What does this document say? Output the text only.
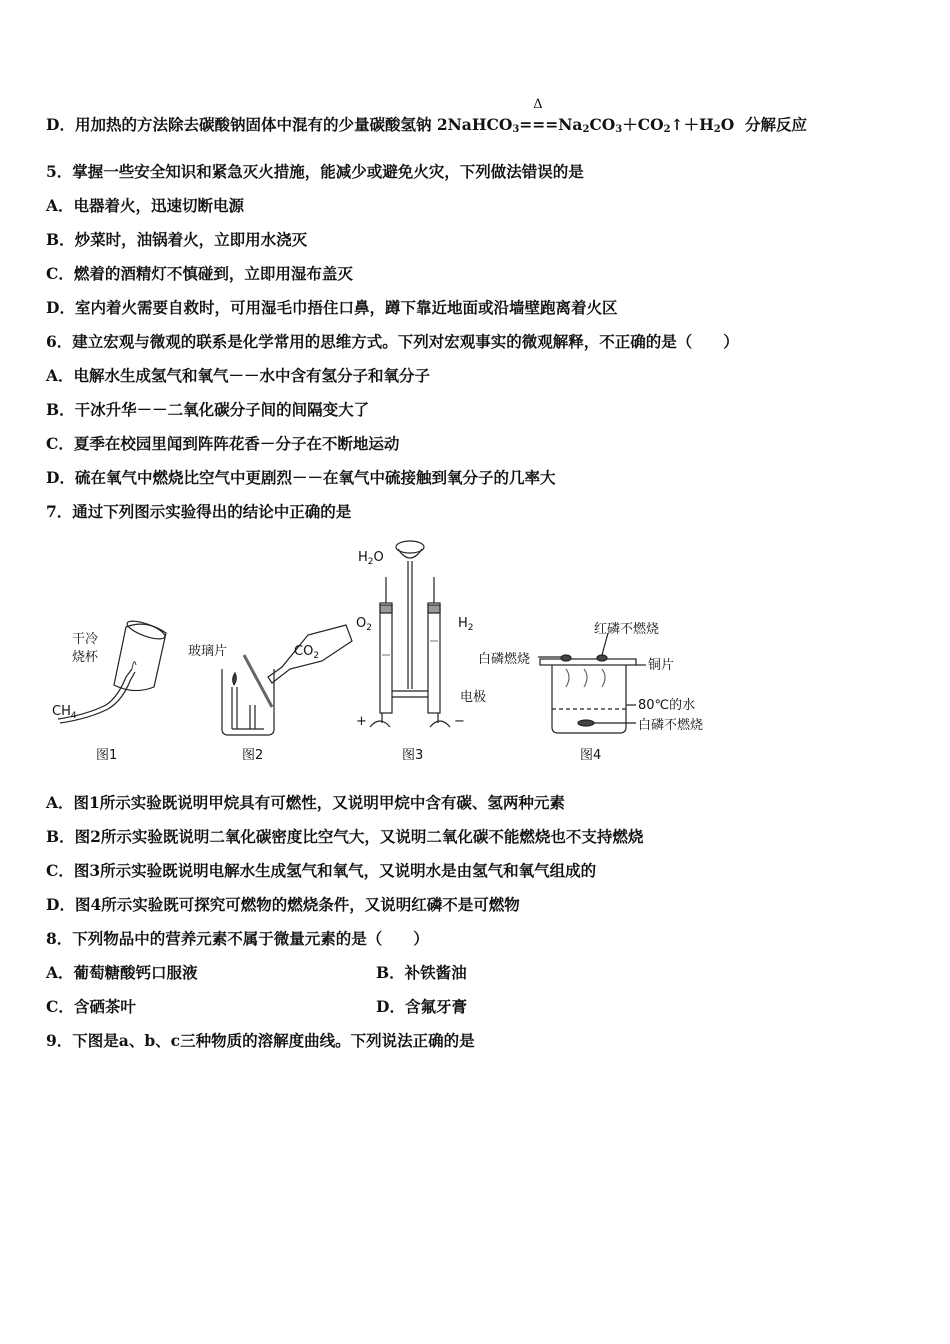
D．用加热的方法除去碳酸钠固体中混有的少量碳酸氢钠 2NaHCO$_3$
Δ
$===Na_2CO_3+CO_2↑+H_2O$ 分解反应
5．掌握一些安全知识和紧急灭火措施，能减少或避免火灾，下列做法错误的是
A．电器着火，迅速切断电源
B．炒菜时，油锅着火，立即用水浇灭
C．燃着的酒精灯不慎碰到，立即用湿布盖灭
D．室内着火需要自救时，可用湿毛巾捂住口鼻，蹲下靠近地面或沿墙壁跑离着火区
6．建立宏观与微观的联系是化学常用的思维方式。下列对宏观事实的微观解释，不正确的是（　　）
A．电解水生成氢气和氧气－－水中含有氢分子和氧分子
B．干冰升华－－二氧化碳分子间的间隔变大了
C．夏季在校园里闻到阵阵花香－分子在不断地运动
D．硫在氧气中燃烧比空气中更剧烈－－在氧气中硫接触到氧分子的几率大
7．通过下列图示实验得出的结论中正确的是
干冷
烧杯
$CH_4$
玻璃片	$CO_2$
$H_2O$
$O_2$	$H_2$
电极
+	−
红磷不燃烧
白磷燃烧	铜片
80℃的水
白磷不燃烧
图1	图2	图3	图4
A．图1所示实验既说明甲烷具有可燃性，又说明甲烷中含有碳、氢两种元素
B．图2所示实验既说明二氧化碳密度比空气大，又说明二氧化碳不能燃烧也不支持燃烧
C．图3所示实验既说明电解水生成氢气和氧气，又说明水是由氢气和氧气组成的
D．图4所示实验既可探究可燃物的燃烧条件，又说明红磷不是可燃物
8．下列物品中的营养元素不属于微量元素的是（　　）
A．葡萄糖酸钙口服液	B．补铁酱油
C．含硒茶叶	D．含氟牙膏
9．下图是a、b、c三种物质的溶解度曲线。下列说法正确的是
